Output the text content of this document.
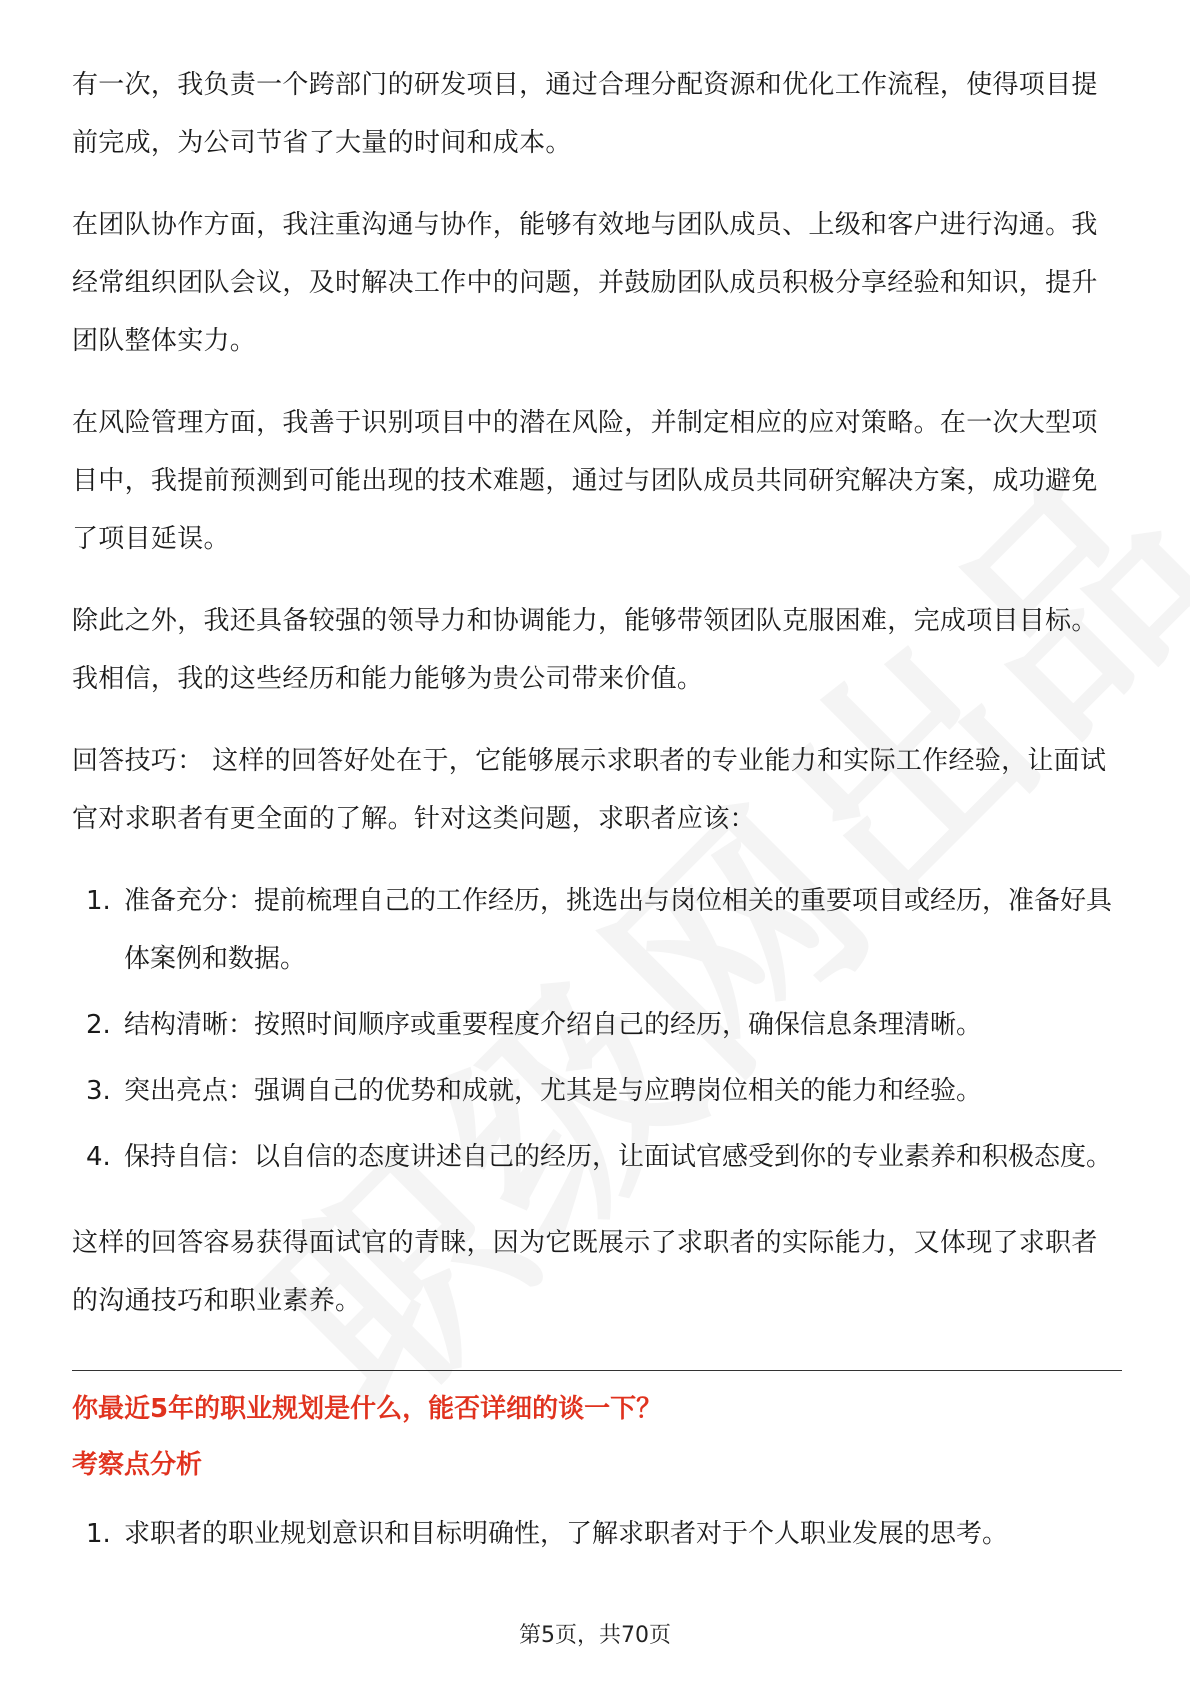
有一次，我负责一个跨部门的研发项目，通过合理分配资源和优化工作流程，使得项目提前完成，为公司节省了大量的时间和成本。

在团队协作方面，我注重沟通与协作，能够有效地与团队成员、上级和客户进行沟通。我经常组织团队会议，及时解决工作中的问题，并鼓励团队成员积极分享经验和知识，提升团队整体实力。

在风险管理方面，我善于识别项目中的潜在风险，并制定相应的应对策略。在一次大型项目中，我提前预测到可能出现的技术难题，通过与团队成员共同研究解决方案，成功避免了项目延误。

除此之外，我还具备较强的领导力和协调能力，能够带领团队克服困难，完成项目目标。我相信，我的这些经历和能力能够为贵公司带来价值。

回答技巧： 这样的回答好处在于，它能够展示求职者的专业能力和实际工作经验，让面试官对求职者有更全面的了解。针对这类问题，求职者应该：

1. 准备充分：提前梳理自己的工作经历，挑选出与岗位相关的重要项目或经历，准备好具体案例和数据。
2. 结构清晰：按照时间顺序或重要程度介绍自己的经历，确保信息条理清晰。
3. 突出亮点：强调自己的优势和成就，尤其是与应聘岗位相关的能力和经验。
4. 保持自信：以自信的态度讲述自己的经历，让面试官感受到你的专业素养和积极态度。

这样的回答容易获得面试官的青睐，因为它既展示了求职者的实际能力，又体现了求职者的沟通技巧和职业素养。

你最近5年的职业规划是什么，能否详细的谈一下？
考察点分析
1. 求职者的职业规划意识和目标明确性，了解求职者对于个人职业发展的思考。
第5页，共70页
